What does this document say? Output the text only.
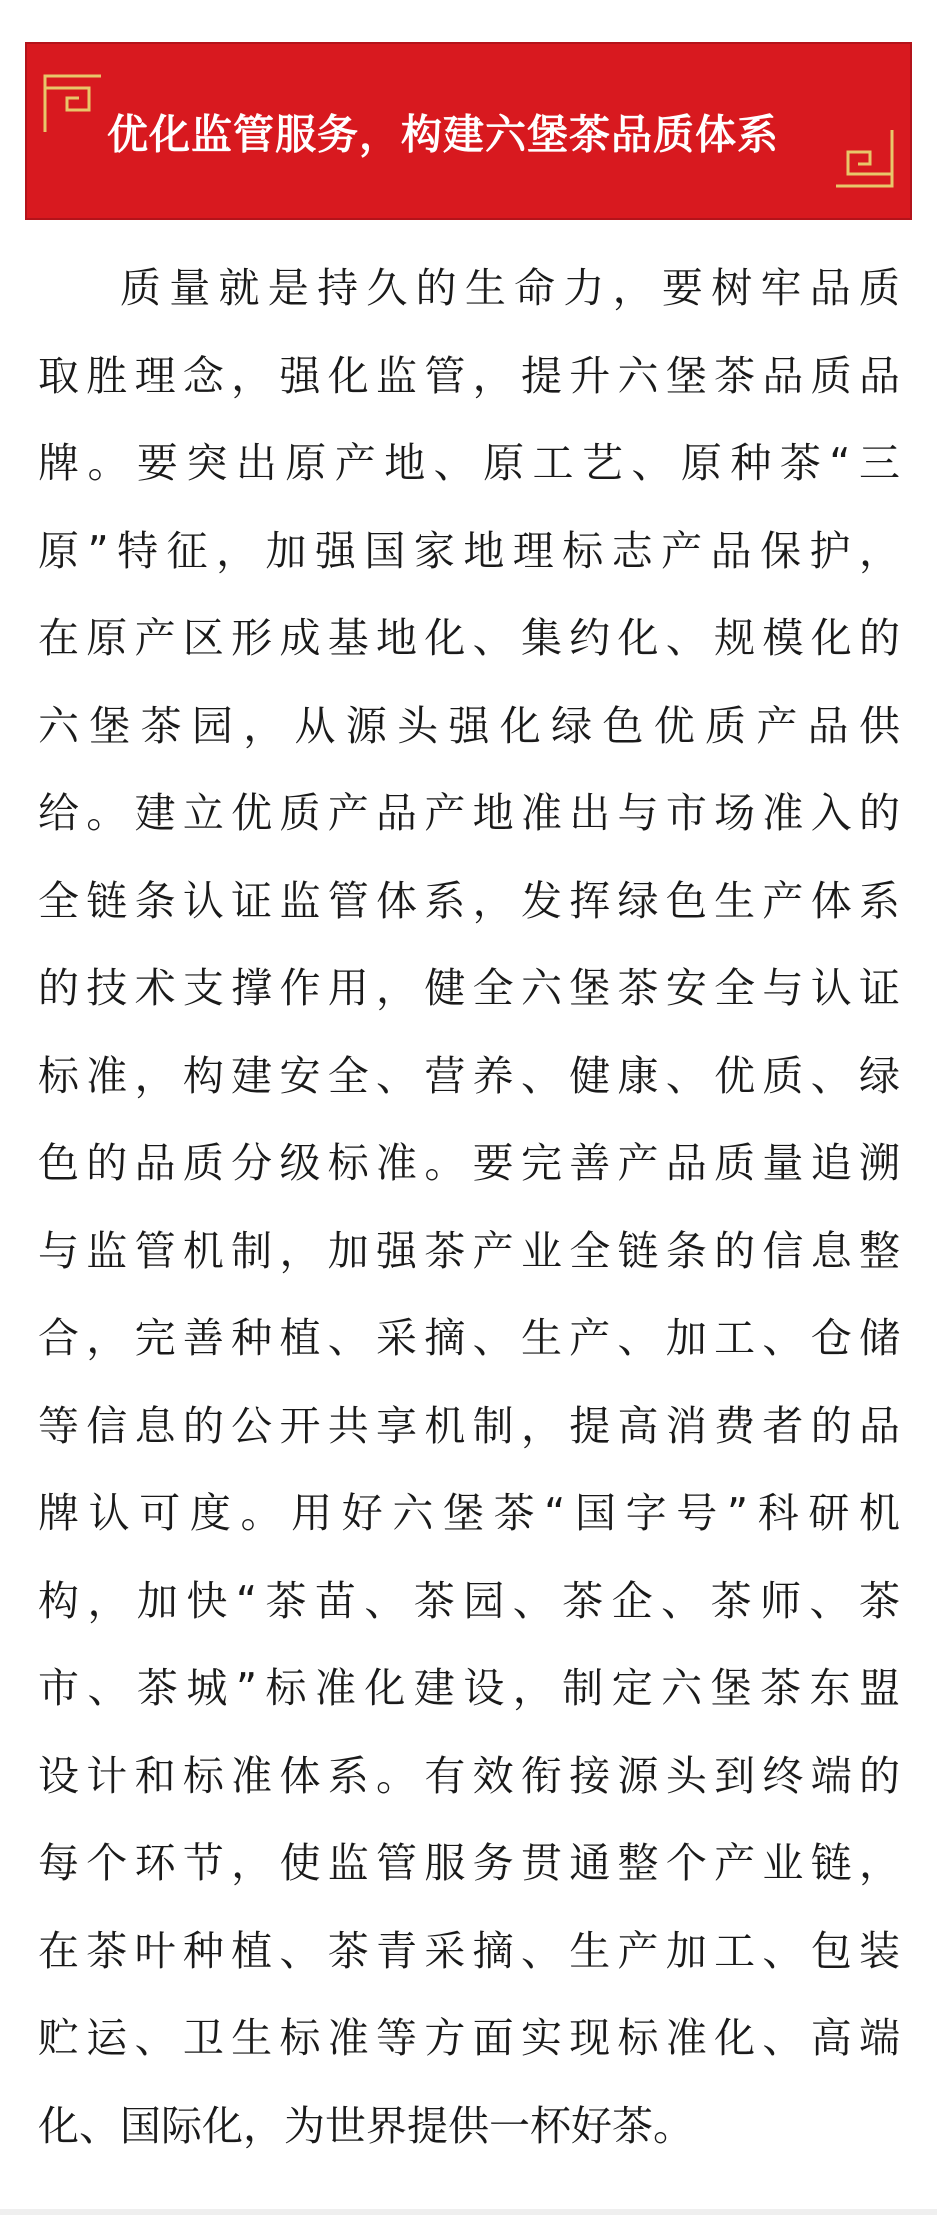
优化监管服务，构建六堡茶品质体系
质量就是持久的生命力，要树牢品质
取胜理念，强化监管，提升六堡茶品质品
牌。要突出原产地、原工艺、原种茶“三
原”特征，加强国家地理标志产品保护，
在原产区形成基地化、集约化、规模化的
六堡茶园，从源头强化绿色优质产品供
给。建立优质产品产地准出与市场准入的
全链条认证监管体系，发挥绿色生产体系
的技术支撑作用，健全六堡茶安全与认证
标准，构建安全、营养、健康、优质、绿
色的品质分级标准。要完善产品质量追溯
与监管机制，加强茶产业全链条的信息整
合，完善种植、采摘、生产、加工、仓储
等信息的公开共享机制，提高消费者的品
牌认可度。用好六堡茶“国字号”科研机
构，加快“茶苗、茶园、茶企、茶师、茶
市、茶城”标准化建设，制定六堡茶东盟
设计和标准体系。有效衔接源头到终端的
每个环节，使监管服务贯通整个产业链，
在茶叶种植、茶青采摘、生产加工、包装
贮运、卫生标准等方面实现标准化、高端
化、国际化，为世界提供一杯好茶。
